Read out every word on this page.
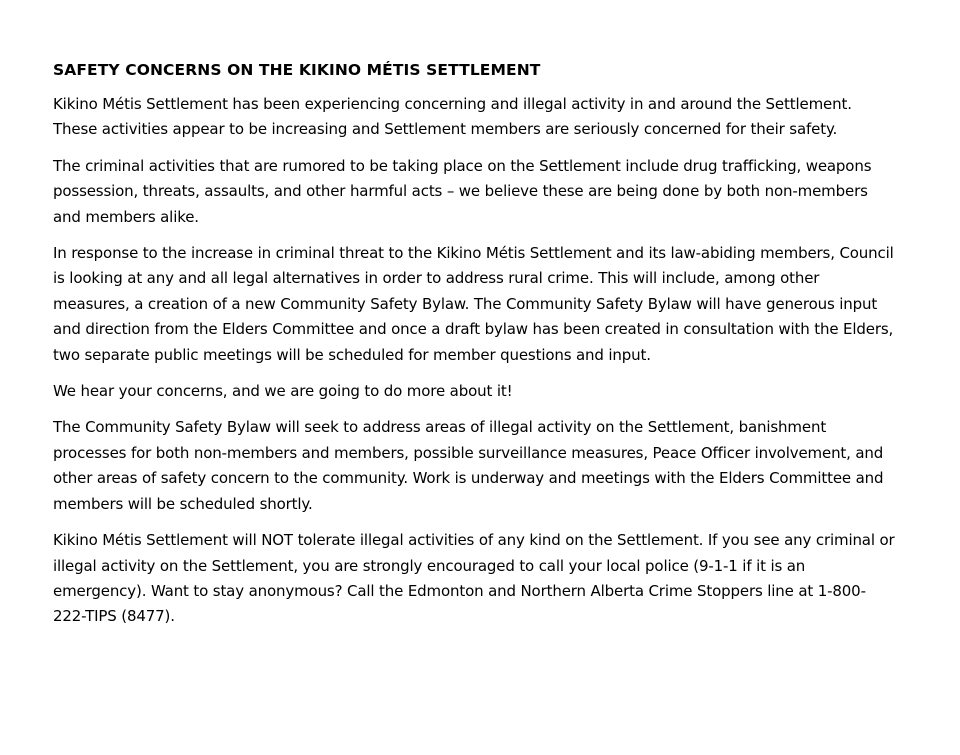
SAFETY CONCERNS ON THE KIKINO MÉTIS SETTLEMENT

Kikino Métis Settlement has been experiencing concerning and illegal activity in and around the Settlement. These activities appear to be increasing and Settlement members are seriously concerned for their safety.

The criminal activities that are rumored to be taking place on the Settlement include drug trafficking, weapons possession, threats, assaults, and other harmful acts – we believe these are being done by both non-members and members alike.

In response to the increase in criminal threat to the Kikino Métis Settlement and its law-abiding members, Council is looking at any and all legal alternatives in order to address rural crime. This will include, among other measures, a creation of a new Community Safety Bylaw. The Community Safety Bylaw will have generous input and direction from the Elders Committee and once a draft bylaw has been created in consultation with the Elders, two separate public meetings will be scheduled for member questions and input.

We hear your concerns, and we are going to do more about it!

The Community Safety Bylaw will seek to address areas of illegal activity on the Settlement, banishment processes for both non-members and members, possible surveillance measures, Peace Officer involvement, and other areas of safety concern to the community. Work is underway and meetings with the Elders Committee and members will be scheduled shortly.

Kikino Métis Settlement will NOT tolerate illegal activities of any kind on the Settlement. If you see any criminal or illegal activity on the Settlement, you are strongly encouraged to call your local police (9-1-1 if it is an emergency). Want to stay anonymous? Call the Edmonton and Northern Alberta Crime Stoppers line at 1-800-222-TIPS (8477).
